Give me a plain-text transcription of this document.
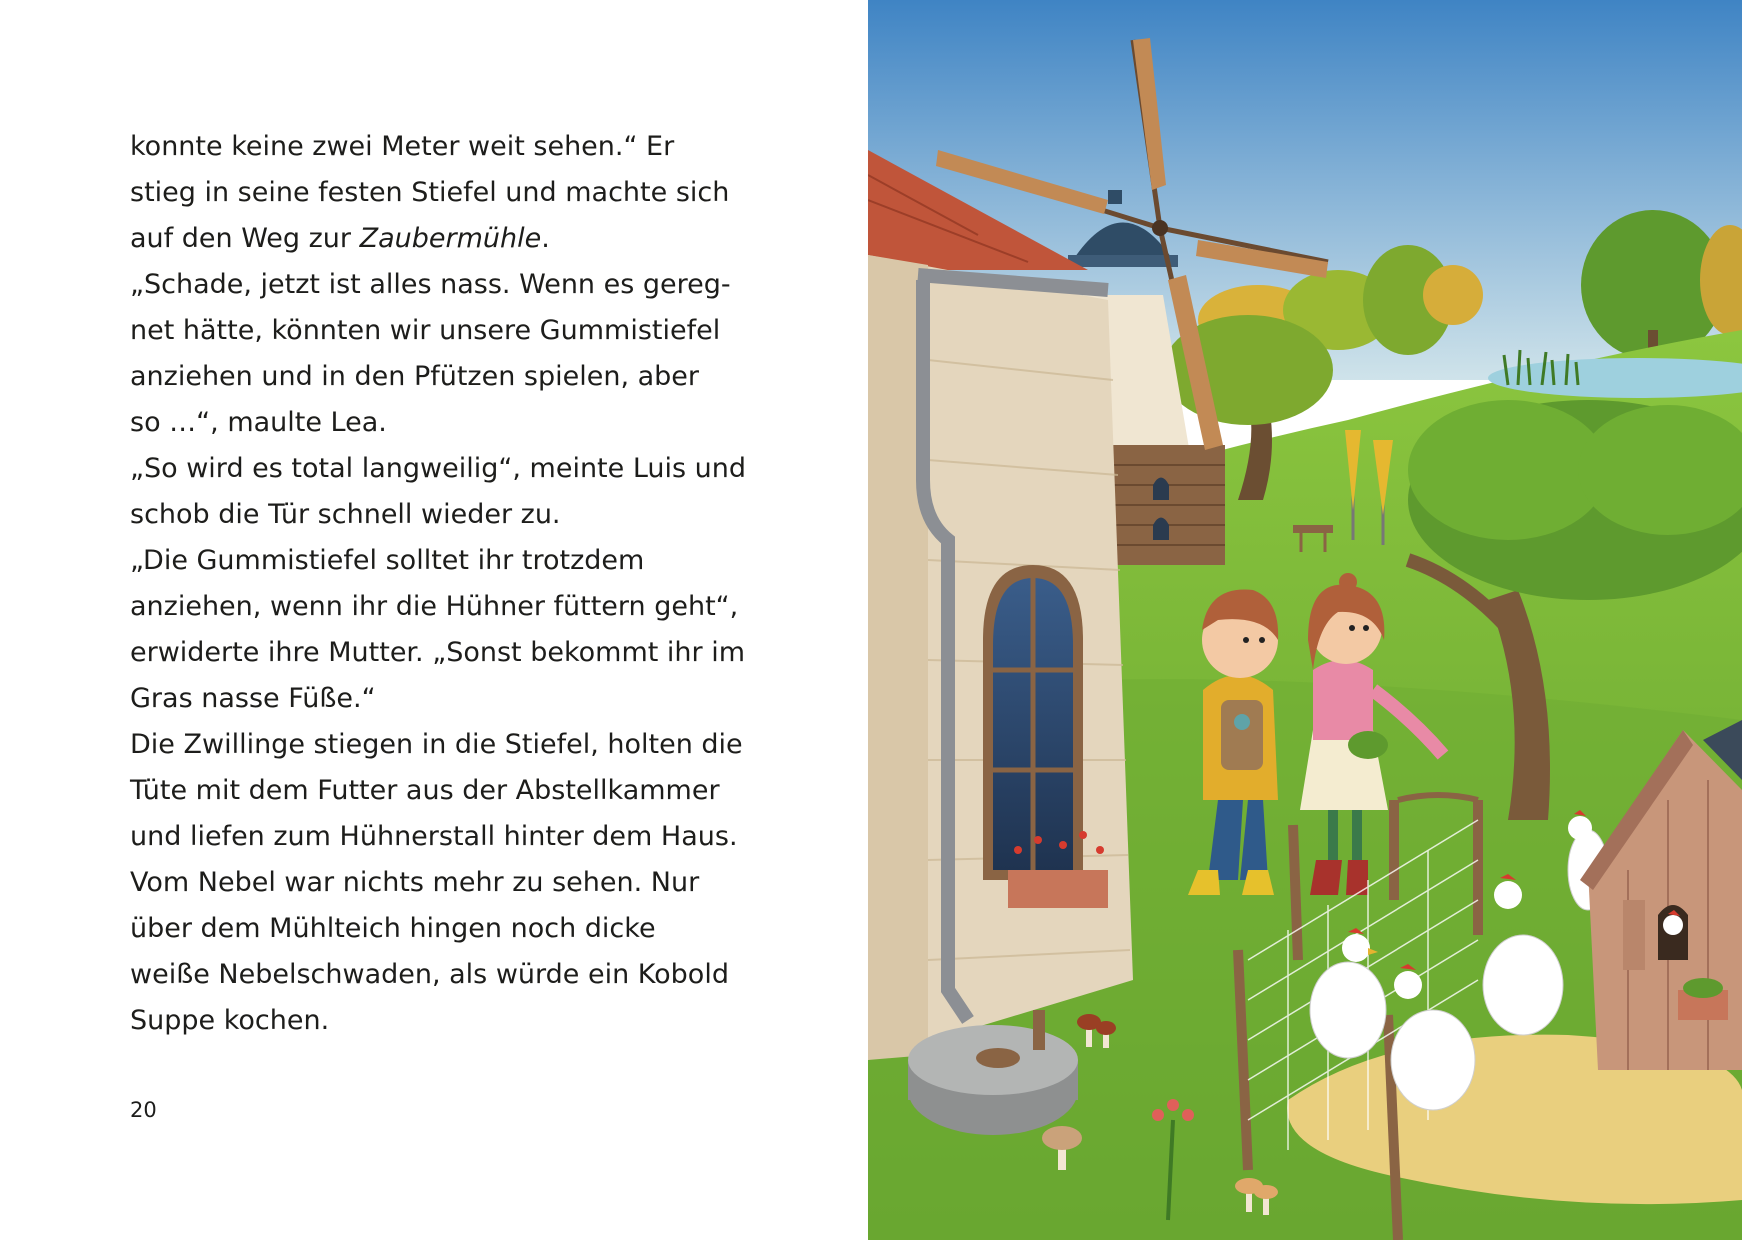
konnte keine zwei Meter weit sehen.“ Er
stieg in seine festen Stiefel und machte sich
auf den Weg zur Zaubermühle.
„Schade, jetzt ist alles nass. Wenn es gereg-
net hätte, könnten wir unsere Gummistiefel
anziehen und in den Pfützen spielen, aber
so …“, maulte Lea.
„So wird es total langweilig“, meinte Luis und
schob die Tür schnell wieder zu.
„Die Gummistiefel solltet ihr trotzdem
anziehen, wenn ihr die Hühner füttern geht“,
erwiderte ihre Mutter. „Sonst bekommt ihr im
Gras nasse Füße.“
Die Zwillinge stiegen in die Stiefel, holten die
Tüte mit dem Futter aus der Abstellkammer
und liefen zum Hühnerstall hinter dem Haus.
Vom Nebel war nichts mehr zu sehen. Nur
über dem Mühlteich hingen noch dicke
weiße Nebelschwaden, als würde ein Kobold
Suppe kochen.
20
